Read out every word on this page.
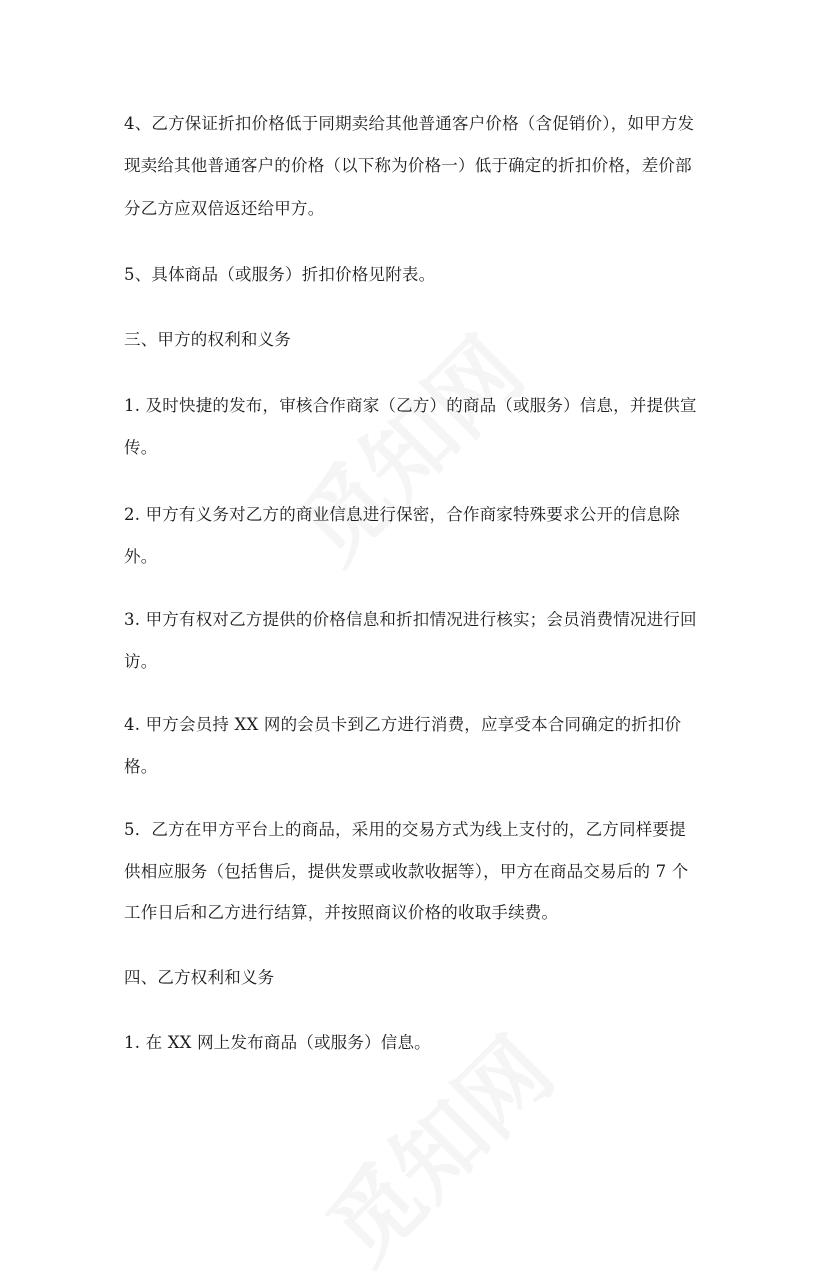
4、乙方保证折扣价格低于同期卖给其他普通客户价格（含促销价），如甲方发
现卖给其他普通客户的价格（以下称为价格一）低于确定的折扣价格，差价部
分乙方应双倍返还给甲方。
5、具体商品（或服务）折扣价格见附表。
三、甲方的权利和义务
1. 及时快捷的发布，审核合作商家（乙方）的商品（或服务）信息，并提供宣
传。
2. 甲方有义务对乙方的商业信息进行保密，合作商家特殊要求公开的信息除
外。
3. 甲方有权对乙方提供的价格信息和折扣情况进行核实；会员消费情况进行回
访。
4. 甲方会员持 XX 网的会员卡到乙方进行消费，应享受本合同确定的折扣价
格。
5．乙方在甲方平台上的商品，采用的交易方式为线上支付的，乙方同样要提
供相应服务（包括售后，提供发票或收款收据等），甲方在商品交易后的 7 个
工作日后和乙方进行结算，并按照商议价格的收取手续费。
四、乙方权利和义务
1. 在 XX 网上发布商品（或服务）信息。
